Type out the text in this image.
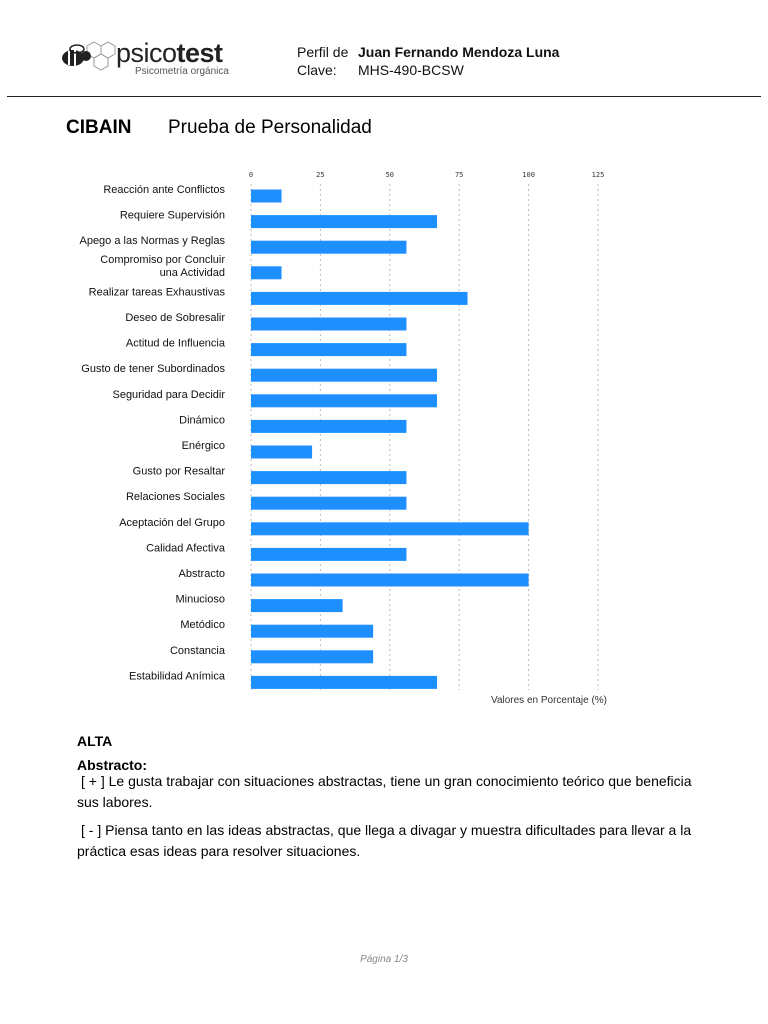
psicotest
Psicometría orgánica
Perfil de Juan Fernando Mendoza Luna
Clave: MHS-490-BCSW
CIBAIN Prueba de Personalidad
0	25	50	75	100	125
Reacción ante Conflictos
Requiere Supervisión
Apego a las Normas y Reglas
Compromiso por Concluir
una Actividad
Realizar tareas Exhaustivas
Deseo de Sobresalir
Actitud de Influencia
Gusto de tener Subordinados
Seguridad para Decidir
Dinámico
Enérgico
Gusto por Resaltar
Relaciones Sociales
Aceptación del Grupo
Calidad Afectiva
Abstracto
Minucioso
Metódico
Constancia
Estabilidad Anímica
Valores en Porcentaje (%)
ALTA
Abstracto:
[ + ] Le gusta trabajar con situaciones abstractas, tiene un gran conocimiento teórico que beneficia sus labores.
[ - ] Piensa tanto en las ideas abstractas, que llega a divagar y muestra dificultades para llevar a la práctica esas ideas para resolver situaciones.
Página 1/3
